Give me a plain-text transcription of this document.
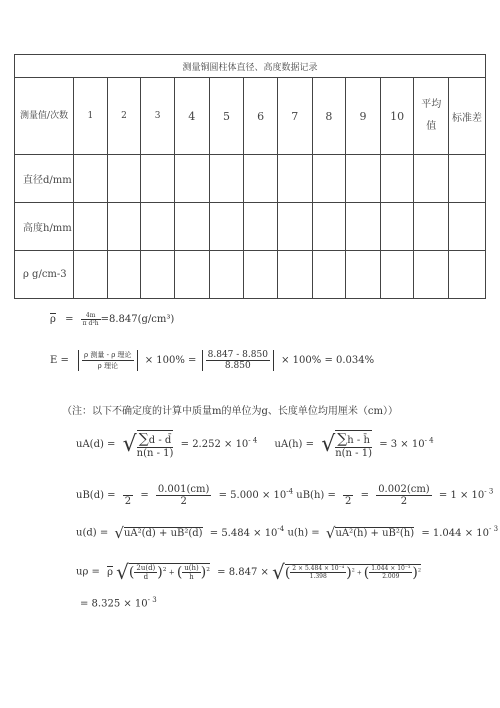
测量铜圆柱体直径、高度数据记录												
测量值/次数	1	2	3	4	5	6	7	8	9	10	平均值	标准差
直径d/mm												
高度h/mm												
ρ g/cm-3												
$\rho = \frac{4m}{\text{π d²h}} =8.847(g/cm^3)$
$E = \frac{\text{ρ 测量 - ρ 理论}}{\text{ρ 理论}} \times 100\% = \frac{8.847 - 8.850}{8.850} \times 100\% = 0.034\%$
（注：以下不确定度的计算中质量m的单位为g、长度单位均用厘米（cm））
uA(d) = √ $\frac{\sum d - d̄}{n(n - 1)} = 2.252 \times 10^{- 4}$ uA(h) = √ $\frac{\sum h - h̄}{n(n - 1)} = 3 \times 10^{- 4}$
uB(d) =

2
= $\frac{0.001(cm)}{2} = 5.000 \times 10^{-4}$ uB(h) =

2
= $\frac{0.002(cm)}{2} = 1 \times 10^{- 3}$
$u(d) = √uA^2(d) + uB^2(d) = 5.484 \times 10^{-4}$ $u(h) = √uA^2(h) + uB^2(h) = 1.044 \times 10^{- 3}$
uρ = ρ √( $\frac{2u(d)}{d} )^2$ + ( $\frac{u(h)}{h} )^2 = 8.847$ × √( $\frac{\text{2 × 5.484 × 10⁻⁴}}{1.398} )^2$ + ( $\frac{\text{1.044 × 10⁻³}}{2.009} )^2$
= $8.325 \times 10^{- 3}$
